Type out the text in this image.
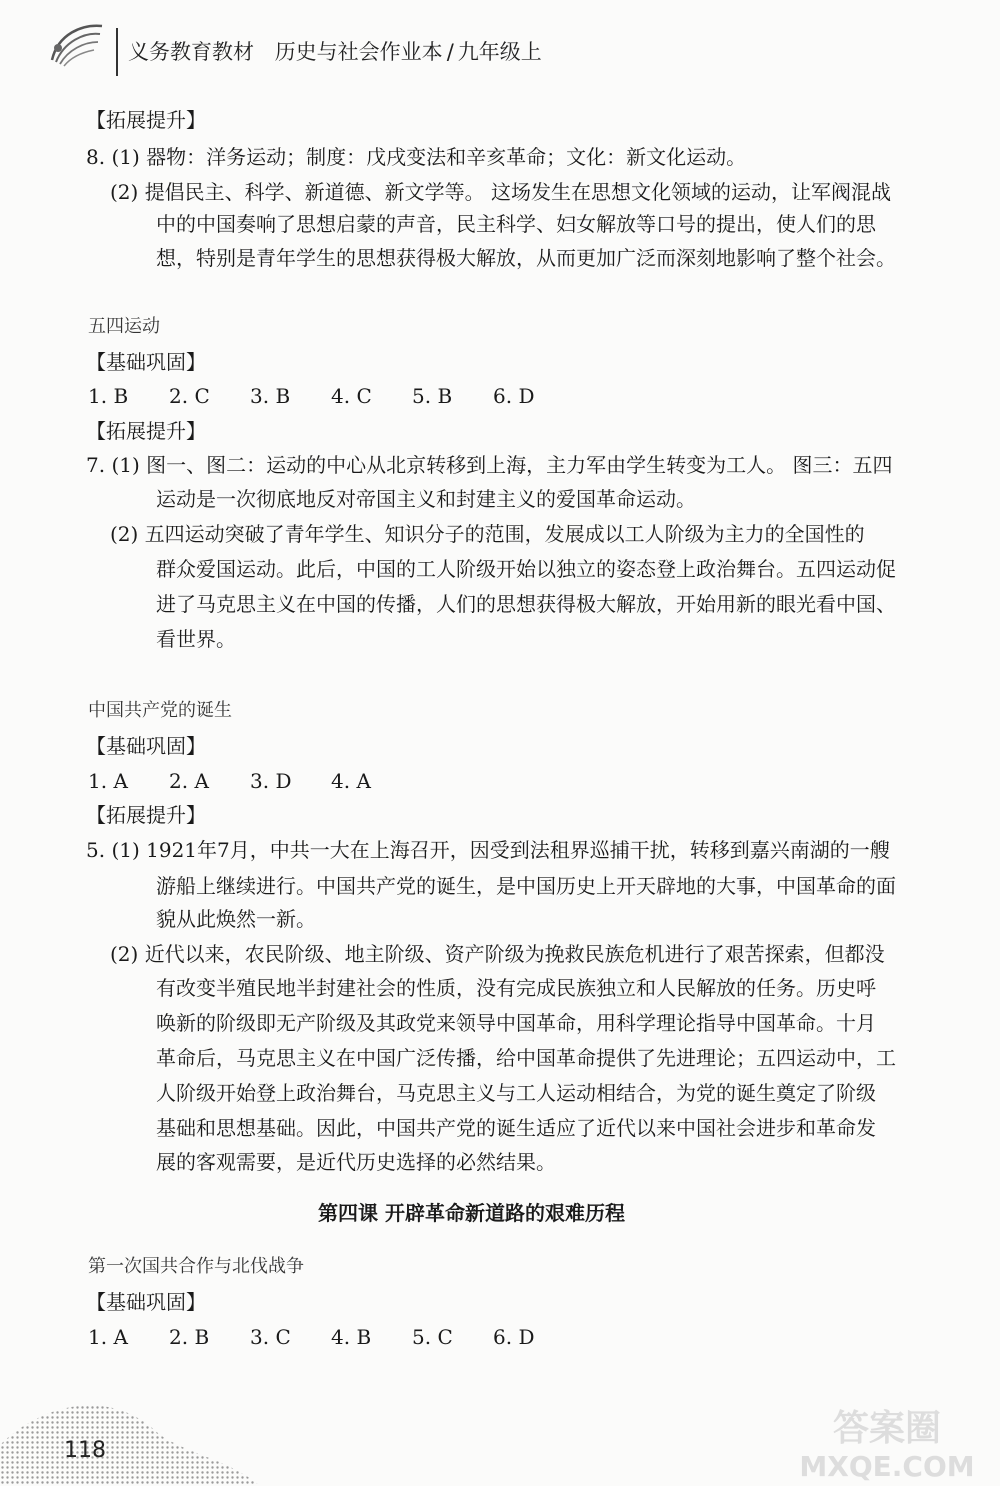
义务教育教材 历史与社会作业本 / 九年级上
【拓展提升】
8. (1) 器物：洋务运动；制度：戊戌变法和辛亥革命；文化：新文化运动。
(2) 提倡民主、科学、新道德、新文学等。 这场发生在思想文化领域的运动，让军阀混战
中的中国奏响了思想启蒙的声音，民主科学、妇女解放等口号的提出，使人们的思
想，特别是青年学生的思想获得极大解放，从而更加广泛而深刻地影响了整个社会。
五四运动
【基础巩固】
1. B 2. C 3. B 4. C 5. B 6. D
【拓展提升】
7. (1) 图一、图二：运动的中心从北京转移到上海，主力军由学生转变为工人。 图三：五四
运动是一次彻底地反对帝国主义和封建主义的爱国革命运动。
(2) 五四运动突破了青年学生、知识分子的范围，发展成以工人阶级为主力的全国性的
群众爱国运动。此后，中国的工人阶级开始以独立的姿态登上政治舞台。五四运动促
进了马克思主义在中国的传播，人们的思想获得极大解放，开始用新的眼光看中国、
看世界。
中国共产党的诞生
【基础巩固】
1. A 2. A 3. D 4. A
【拓展提升】
5. (1) 1921年7月，中共一大在上海召开，因受到法租界巡捕干扰，转移到嘉兴南湖的一艘
游船上继续进行。中国共产党的诞生，是中国历史上开天辟地的大事，中国革命的面
貌从此焕然一新。
(2) 近代以来，农民阶级、地主阶级、资产阶级为挽救民族危机进行了艰苦探索，但都没
有改变半殖民地半封建社会的性质，没有完成民族独立和人民解放的任务。历史呼
唤新的阶级即无产阶级及其政党来领导中国革命，用科学理论指导中国革命。十月
革命后，马克思主义在中国广泛传播，给中国革命提供了先进理论；五四运动中，工
人阶级开始登上政治舞台，马克思主义与工人运动相结合，为党的诞生奠定了阶级
基础和思想基础。因此，中国共产党的诞生适应了近代以来中国社会进步和革命发
展的客观需要，是近代历史选择的必然结果。
第四课 开辟革命新道路的艰难历程
第一次国共合作与北伐战争
【基础巩固】
1. A 2. B 3. C 4. B 5. C 6. D
118
答案圈
MXQE.COM
